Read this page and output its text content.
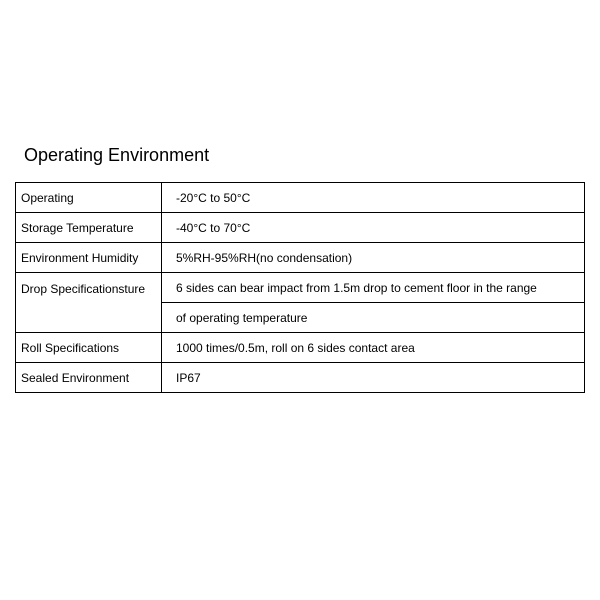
Operating Environment
Operating	-20°C to 50°C
Storage Temperature	-40°C to 70°C
Environment Humidity	5%RH-95%RH(no condensation)
Drop Specificationsture	6 sides can bear impact from 1.5m drop to cement floor in the range
	of operating temperature
Roll Specifications	1000 times/0.5m, roll on 6 sides contact area
Sealed Environment	IP67
